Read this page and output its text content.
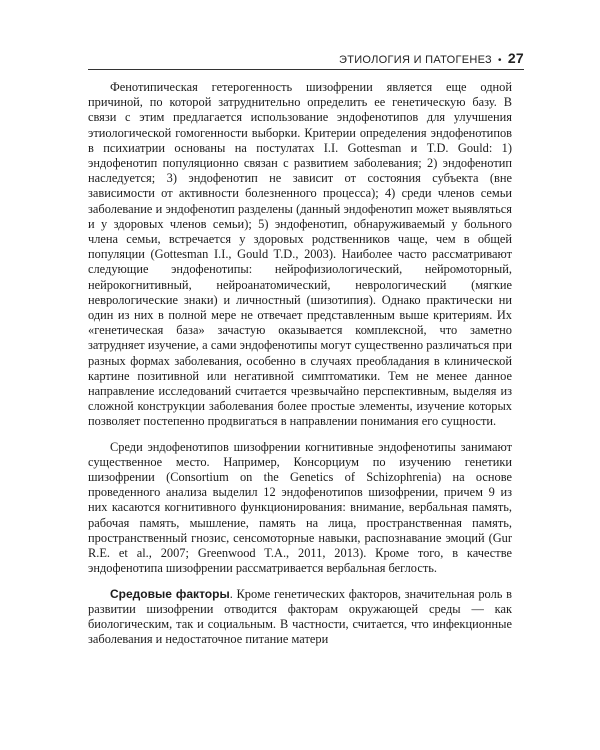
ЭТИОЛОГИЯ И ПАТОГЕНЕЗ • 27

Фенотипическая гетерогенность шизофрении является еще одной причиной, по которой затруднительно определить ее генетическую базу. В связи с этим предлагается использование эндофенотипов для улучшения этиологической гомогенности выборки. Критерии определения эндофенотипов в психиатрии основаны на постулатах I.I. Gottesman и T.D. Gould: 1) эндофенотип популяционно связан с развитием заболевания; 2) эндофенотип наследуется; 3) эндофенотип не зависит от состояния субъекта (вне зависимости от активности болезненного процесса); 4) среди членов семьи заболевание и эндофенотип разделены (данный эндофенотип может выявляться и у здоровых членов семьи); 5) эндофенотип, обнаруживаемый у больного члена семьи, встречается у здоровых родственников чаще, чем в общей популяции (Gottesman I.I., Gould T.D., 2003). Наиболее часто рассматривают следующие эндофенотипы: нейрофизиологический, нейромоторный, нейрокогнитивный, нейроанатомический, неврологический (мягкие неврологические знаки) и личностный (шизотипия). Однако практически ни один из них в полной мере не отвечает представленным выше критериям. Их «генетическая база» зачастую оказывается комплексной, что заметно затрудняет изучение, а сами эндофенотипы могут существенно различаться при разных формах заболевания, особенно в случаях преобладания в клинической картине позитивной или негативной симптоматики. Тем не менее данное направление исследований считается чрезвычайно перспективным, выделяя из сложной конструкции заболевания более простые элементы, изучение которых позволяет постепенно продвигаться в направлении понимания его сущности.

Среди эндофенотипов шизофрении когнитивные эндофенотипы занимают существенное место. Например, Консорциум по изучению генетики шизофрении (Consortium on the Genetics of Schizophrenia) на основе проведенного анализа выделил 12 эндофенотипов шизофрении, причем 9 из них касаются когнитивного функционирования: внимание, вербальная память, рабочая память, мышление, память на лица, пространственная память, пространственный гнозис, сенсомоторные навыки, распознавание эмоций (Gur R.E. et al., 2007; Greenwood T.A., 2011, 2013). Кроме того, в качестве эндофенотипа шизофрении рассматривается вербальная беглость.

Средовые факторы. Кроме генетических факторов, значительная роль в развитии шизофрении отводится факторам окружающей среды — как биологическим, так и социальным. В частности, считается, что инфекционные заболевания и недостаточное питание матери
